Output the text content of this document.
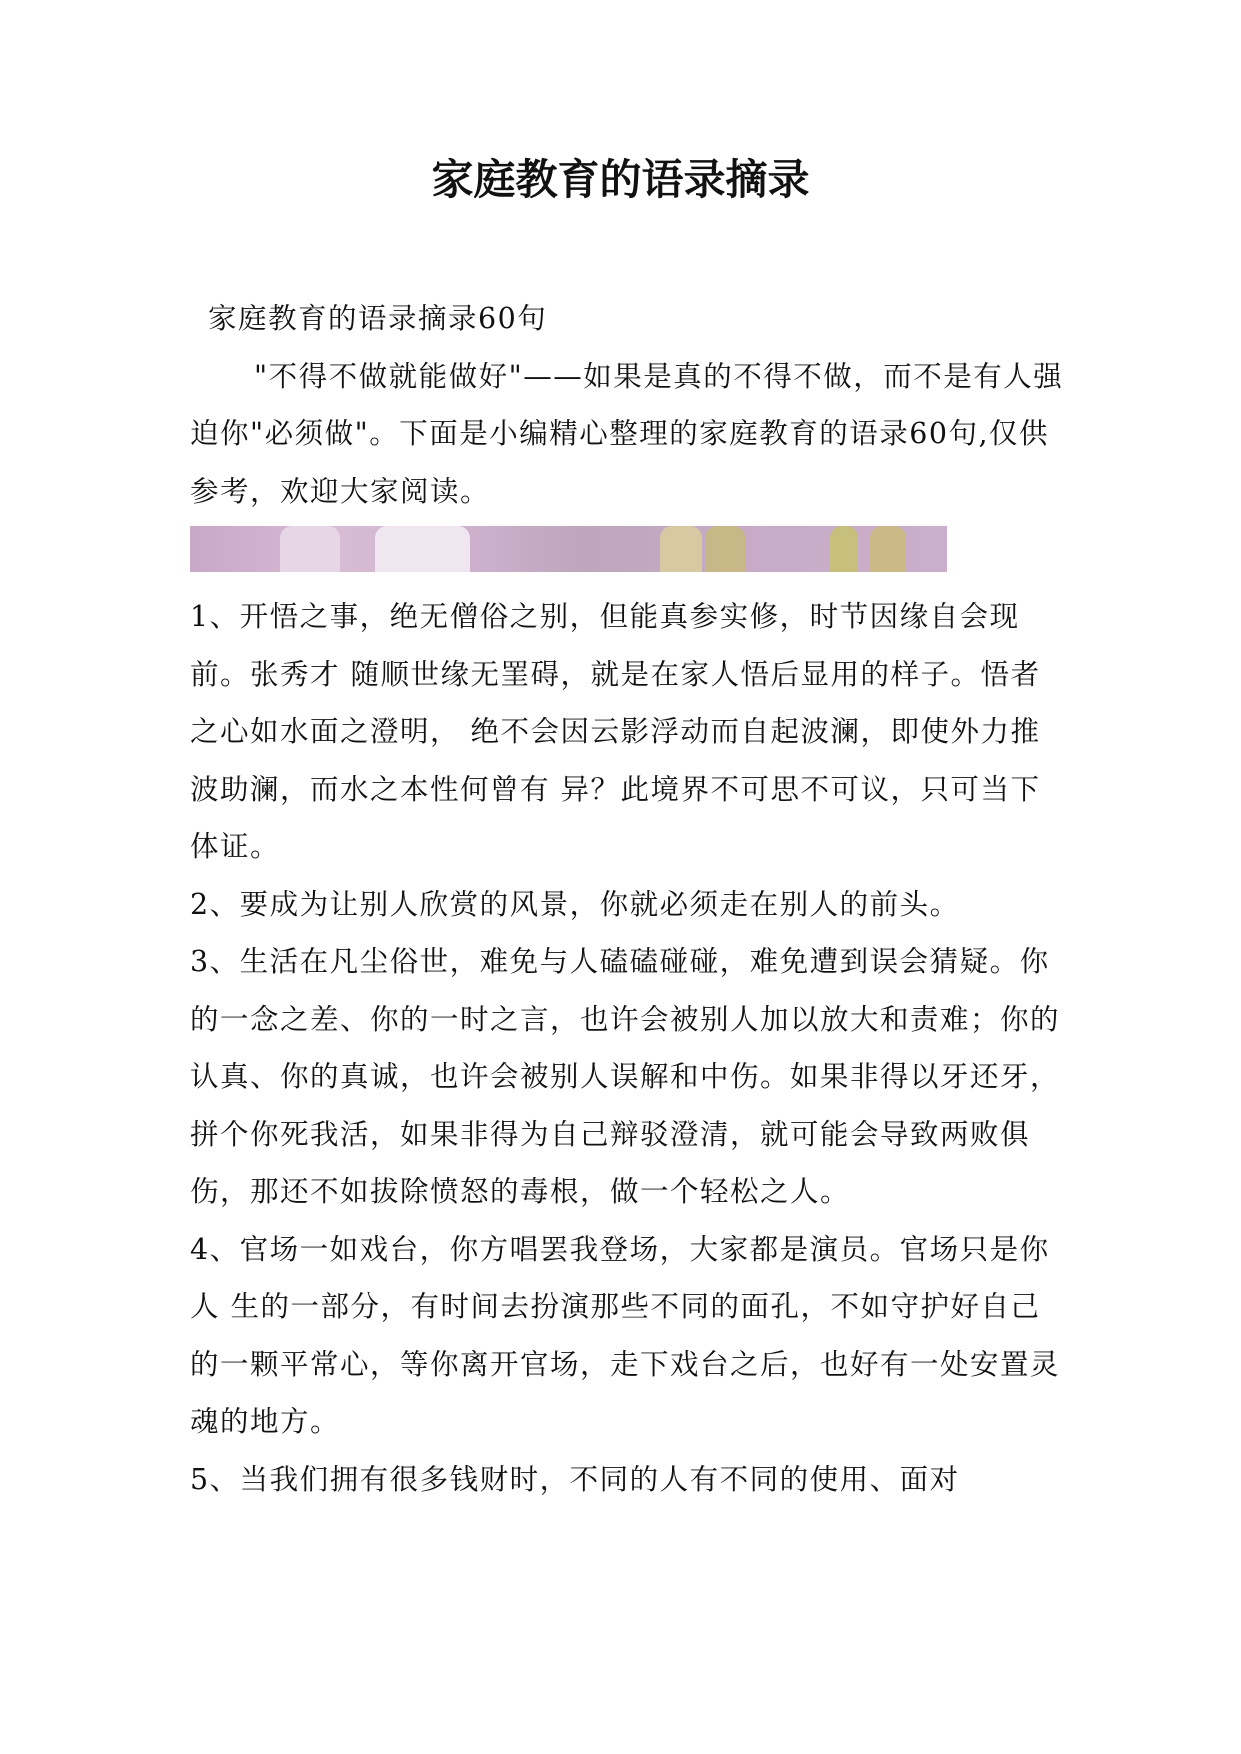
家庭教育的语录摘录

家庭教育的语录摘录60句

"不得不做就能做好"——如果是真的不得不做，而不是有人强迫你"必须做"。下面是小编精心整理的家庭教育的语录60句,仅供参考，欢迎大家阅读。

1、开悟之事，绝无僧俗之别，但能真参实修，时节因缘自会现前。张秀才 随顺世缘无罣碍，就是在家人悟后显用的样子。悟者之心如水面之澄明， 绝不会因云影浮动而自起波澜，即使外力推波助澜，而水之本性何曾有 异？此境界不可思不可议，只可当下体证。

2、要成为让别人欣赏的风景，你就必须走在别人的前头。

3、生活在凡尘俗世，难免与人磕磕碰碰，难免遭到误会猜疑。你的一念之差、你的一时之言，也许会被别人加以放大和责难；你的认真、你的真诚，也许会被别人误解和中伤。如果非得以牙还牙，拼个你死我活，如果非得为自己辩驳澄清，就可能会导致两败俱伤，那还不如拔除愤怒的毒根，做一个轻松之人。

4、官场一如戏台，你方唱罢我登场，大家都是演员。官场只是你人 生的一部分，有时间去扮演那些不同的面孔，不如守护好自己的一颗平常心，等你离开官场，走下戏台之后，也好有一处安置灵魂的地方。

5、当我们拥有很多钱财时，不同的人有不同的使用、面对
